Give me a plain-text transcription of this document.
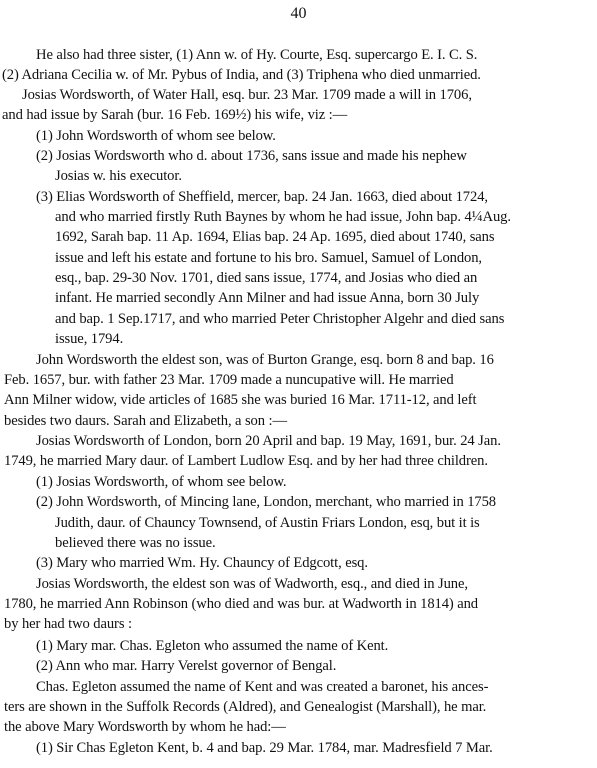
40
He also had three sister, (1) Ann w. of Hy. Courte, Esq. supercargo E. I. C. S.
(2) Adriana Cecilia w. of Mr. Pybus of India, and (3) Triphena who died unmarried.
Josias Wordsworth, of Water Hall, esq. bur. 23 Mar. 1709 made a will in 1706,
and had issue by Sarah (bur. 16 Feb. 169½) his wife, viz :—
(1) John Wordsworth of whom see below.
(2) Josias Wordsworth who d. about 1736, sans issue and made his nephew
Josias w. his executor.
(3) Elias Wordsworth of Sheffield, mercer, bap. 24 Jan. 1663, died about 1724,
and who married firstly Ruth Baynes by whom he had issue, John bap. 4¼Aug.
1692, Sarah bap. 11 Ap. 1694, Elias bap. 24 Ap. 1695, died about 1740, sans
issue and left his estate and fortune to his bro. Samuel, Samuel of London,
esq., bap. 29-30 Nov. 1701, died sans issue, 1774, and Josias who died an
infant. He married secondly Ann Milner and had issue Anna, born 30 July
and bap. 1 Sep.1717, and who married Peter Christopher Algehr and died sans
issue, 1794.
John Wordsworth the eldest son, was of Burton Grange, esq. born 8 and bap. 16
Feb. 1657, bur. with father 23 Mar. 1709 made a nuncupative will. He married
Ann Milner widow, vide articles of 1685 she was buried 16 Mar. 1711-12, and left
besides two daurs. Sarah and Elizabeth, a son :—
Josias Wordsworth of London, born 20 April and bap. 19 May, 1691, bur. 24 Jan.
1749, he married Mary daur. of Lambert Ludlow Esq. and by her had three children.
(1) Josias Wordsworth, of whom see below.
(2) John Wordsworth, of Mincing lane, London, merchant, who married in 1758
Judith, daur. of Chauncy Townsend, of Austin Friars London, esq, but it is
believed there was no issue.
(3) Mary who married Wm. Hy. Chauncy of Edgcott, esq.
Josias Wordsworth, the eldest son was of Wadworth, esq., and died in June,
1780, he married Ann Robinson (who died and was bur. at Wadworth in 1814) and
by her had two daurs :
(1) Mary mar. Chas. Egleton who assumed the name of Kent.
(2) Ann who mar. Harry Verelst governor of Bengal.
Chas. Egleton assumed the name of Kent and was created a baronet, his ances-
ters are shown in the Suffolk Records (Aldred), and Genealogist (Marshall), he mar.
the above Mary Wordsworth by whom he had:—
(1) Sir Chas Egleton Kent, b. 4 and bap. 29 Mar. 1784, mar. Madresfield 7 Mar.
